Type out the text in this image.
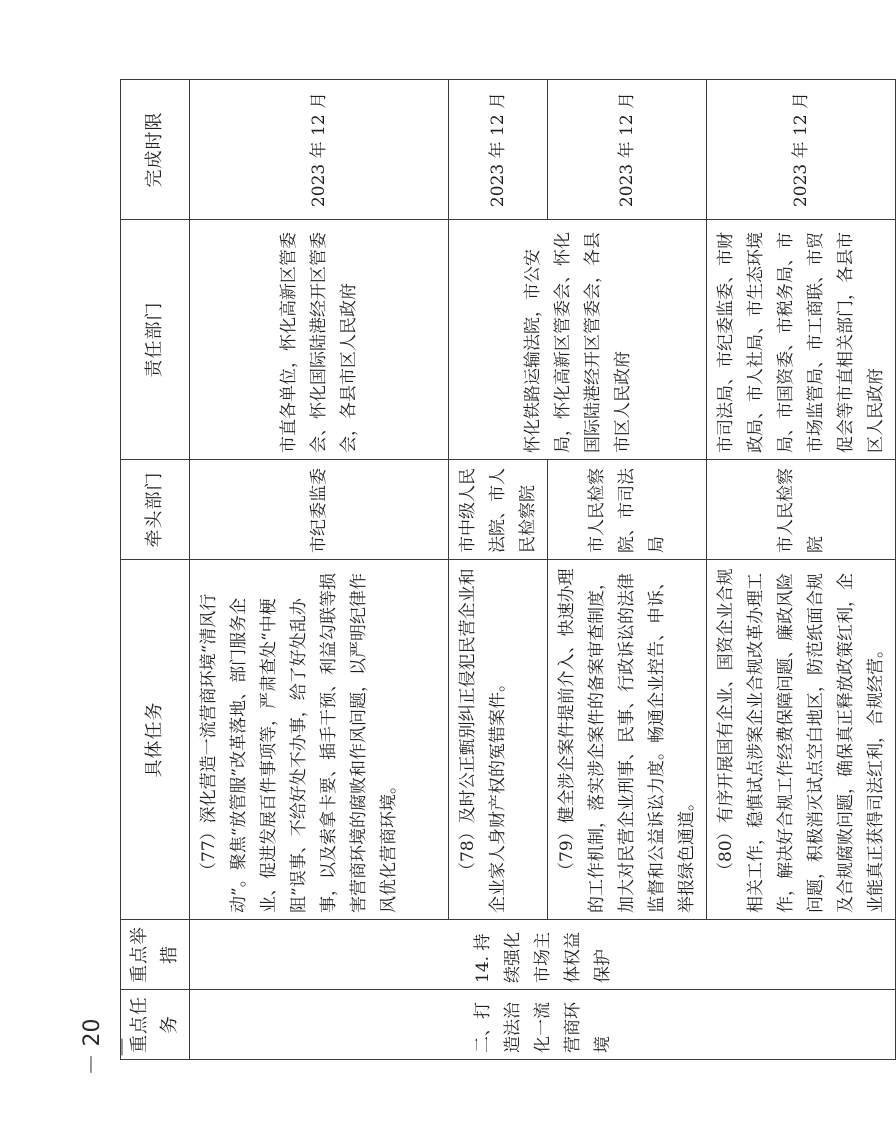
重点任务	重点举措	具体任务	牵头部门	责任部门	完成时限
二、打造法治化一流营商环境	14. 持续强化市场主体权益保护	（77）深化营造一流营商环境“清风行动”。聚焦“放管服”改革落地、部门服务企业、促进发展百件事项等，严肃查处“中梗阻”误事、不给好处不办事，给了好处乱办事，以及索拿卡要、插手干预、利益勾联等损害营商环境的腐败和作风问题，以严明纪律作风优化营商环境。	市纪委监委	市直各单位，怀化高新区管委会、怀化国际陆港经开区管委会，各县市区人民政府	2023 年 12 月

		（78）及时公正甄别纠正侵犯民营企业和企业家人身财产权的冤错案件。	市中级人民法院、市人民检察院	怀化铁路运输法院，市公安局，怀化高新区管委会、怀化国际陆港经开区管委会，各县市区人民政府	2023 年 12 月

		（79）健全涉企案件提前介入、快速办理的工作机制，落实涉企案件的备案审查制度，加大对民营企业刑事、民事、行政诉讼的法律监督和公益诉讼力度。畅通企业控告、申诉、举报绿色通道。	市人民检察院、市司法局		2023 年 12 月

		（80）有序开展国有企业、国资企业合规相关工作，稳慎试点涉案企业合规改革办理工作，解决好合规工作经费保障问题、廉政风险问题，积极消灭试点空白地区，防范纸面合规及合规腐败问题，确保真正释放政策红利，企业能真正获得司法红利，合规经营。	市人民检察院	市司法局、市纪委监委、市财政局、市人社局、市生态环境局、市国资委、市税务局、市市场监管局、市工商联、市贸促会等市直相关部门，各县市区人民政府	2023 年 12 月
－ 20 －
